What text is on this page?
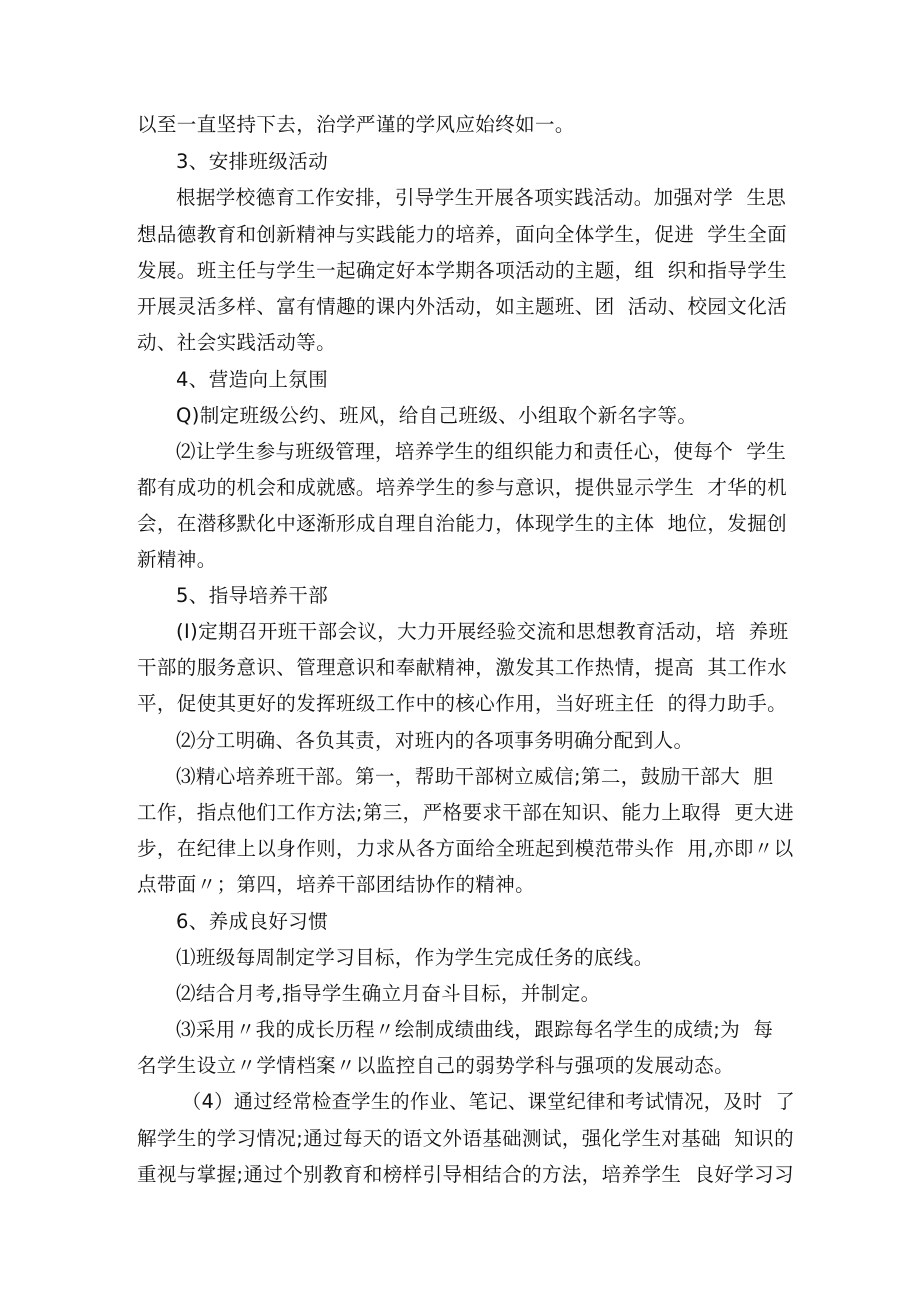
以至一直坚持下去，治学严谨的学风应始终如一。
3、安排班级活动
根据学校德育工作安排，引导学生开展各项实践活动。加强对学  生思
想品德教育和创新精神与实践能力的培养，面向全体学生，促进  学生全面
发展。班主任与学生一起确定好本学期各项活动的主题，组  织和指导学生
开展灵活多样、富有情趣的课内外活动，如主题班、团  活动、校园文化活
动、社会实践活动等。
4、营造向上氛围
Q)制定班级公约、班风，给自己班级、小组取个新名字等。
⑵让学生参与班级管理，培养学生的组织能力和责任心，使每个  学生
都有成功的机会和成就感。培养学生的参与意识，提供显示学生  才华的机
会，在潜移默化中逐渐形成自理自治能力，体现学生的主体  地位，发掘创
新精神。
5、指导培养干部
(I)定期召开班干部会议，大力开展经验交流和思想教育活动，培  养班
干部的服务意识、管理意识和奉献精神，激发其工作热情，提高  其工作水
平，促使其更好的发挥班级工作中的核心作用，当好班主任  的得力助手。
⑵分工明确、各负其责，对班内的各项事务明确分配到人。
⑶精心培养班干部。第一，帮助干部树立威信;第二，鼓励干部大  胆
工作，指点他们工作方法;第三，严格要求干部在知识、能力上取得  更大进
步，在纪律上以身作则，力求从各方面给全班起到模范带头作  用,亦即〃以
点带面〃；第四，培养干部团结协作的精神。
6、养成良好习惯
⑴班级每周制定学习目标，作为学生完成任务的底线。
⑵结合月考,指导学生确立月奋斗目标，并制定。
⑶采用〃我的成长历程〃绘制成绩曲线，跟踪每名学生的成绩;为  每
名学生设立〃学情档案〃以监控自己的弱势学科与强项的发展动态。
（4）通过经常检查学生的作业、笔记、课堂纪律和考试情况，及时  了
解学生的学习情况;通过每天的语文外语基础测试，强化学生对基础  知识的
重视与掌握;通过个别教育和榜样引导相结合的方法，培养学生  良好学习习
